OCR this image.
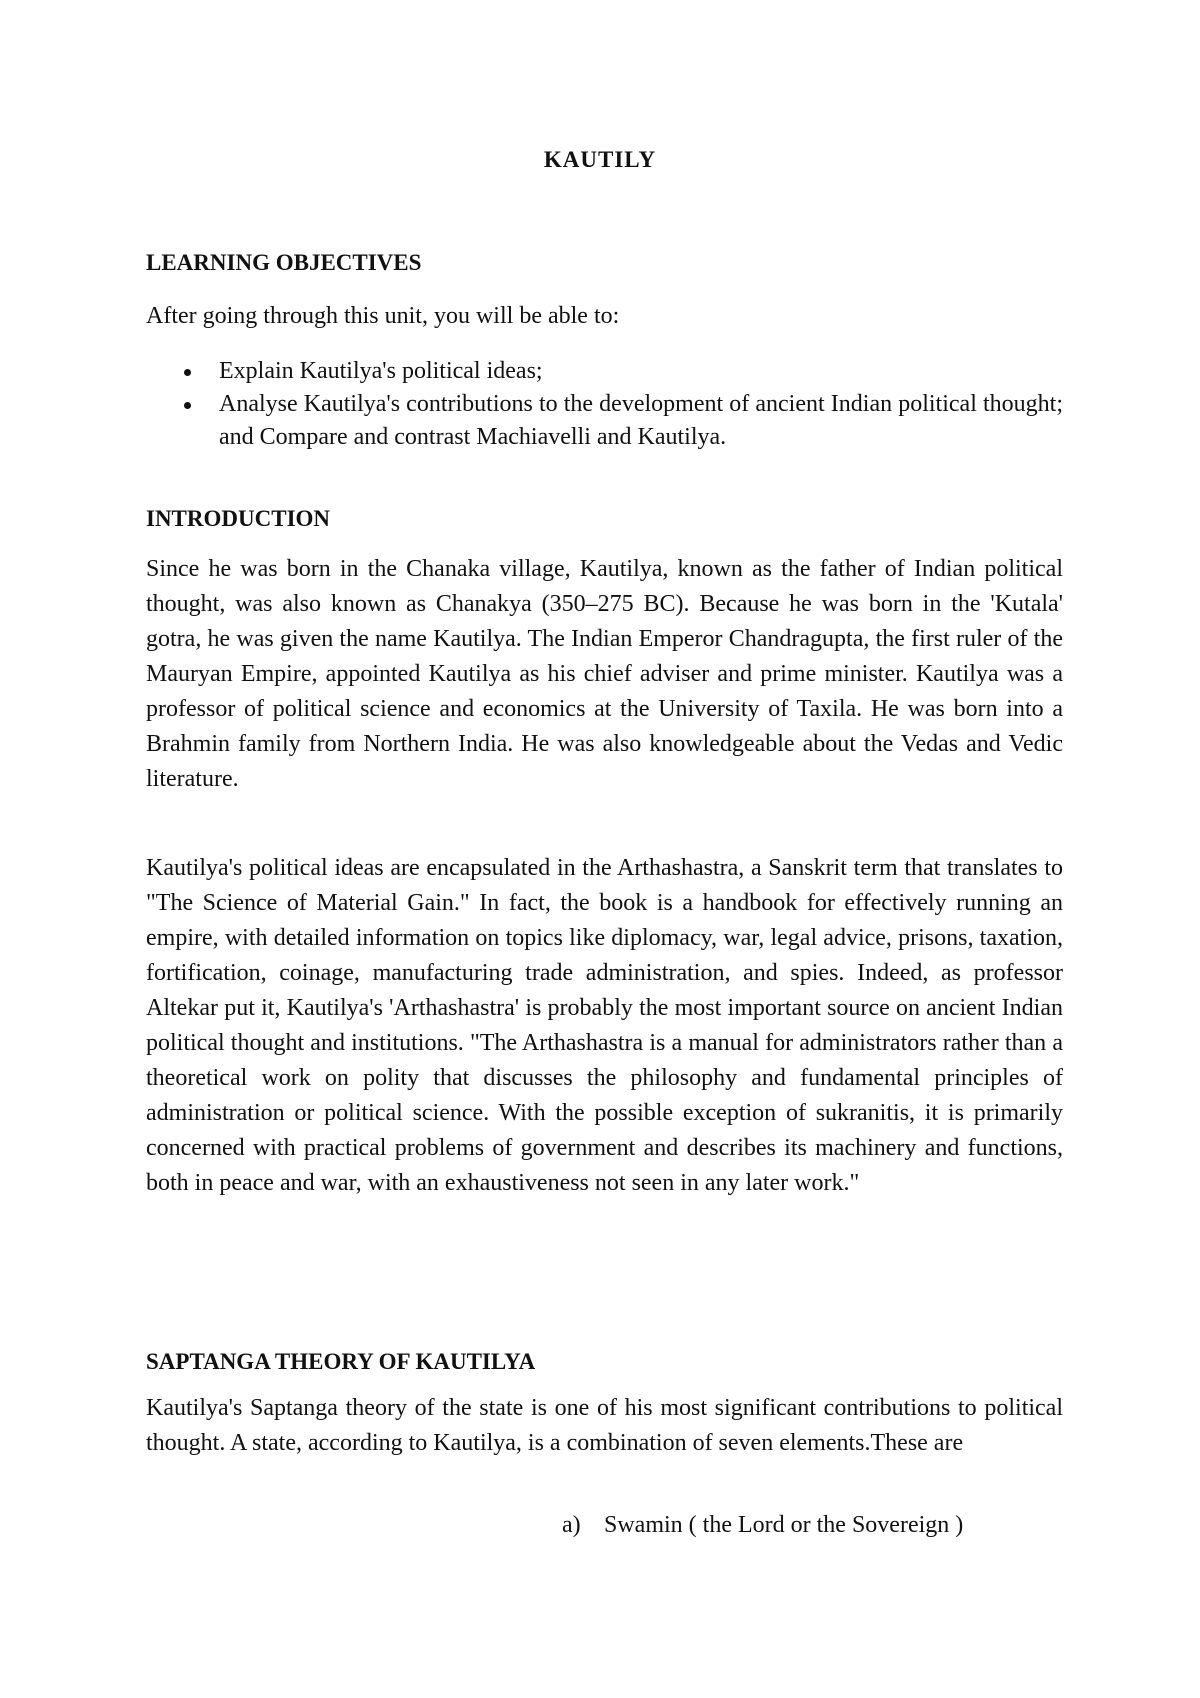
KAUTILY
LEARNING OBJECTIVES
After going through this unit, you will be able to:
Explain Kautilya's political ideas;
Analyse Kautilya's contributions to the development of ancient Indian political thought; and Compare and contrast Machiavelli and Kautilya.
INTRODUCTION
Since he was born in the Chanaka village, Kautilya, known as the father of Indian political thought, was also known as Chanakya (350–275 BC). Because he was born in the 'Kutala' gotra, he was given the name Kautilya. The Indian Emperor Chandragupta, the first ruler of the Mauryan Empire, appointed Kautilya as his chief adviser and prime minister. Kautilya was a professor of political science and economics at the University of Taxila. He was born into a Brahmin family from Northern India. He was also knowledgeable about the Vedas and Vedic literature.
Kautilya's political ideas are encapsulated in the Arthashastra, a Sanskrit term that translates to "The Science of Material Gain." In fact, the book is a handbook for effectively running an empire, with detailed information on topics like diplomacy, war, legal advice, prisons, taxation, fortification, coinage, manufacturing trade administration, and spies. Indeed, as professor Altekar put it, Kautilya's 'Arthashastra' is probably the most important source on ancient Indian political thought and institutions. "The Arthashastra is a manual for administrators rather than a theoretical work on polity that discusses the philosophy and fundamental principles of administration or political science. With the possible exception of sukranitis, it is primarily concerned with practical problems of government and describes its machinery and functions, both in peace and war, with an exhaustiveness not seen in any later work."
SAPTANGA THEORY OF KAUTILYA
Kautilya's Saptanga theory of the state is one of his most significant contributions to political thought. A state, according to Kautilya, is a combination of seven elements.These are
a) Swamin ( the Lord or the Sovereign )
